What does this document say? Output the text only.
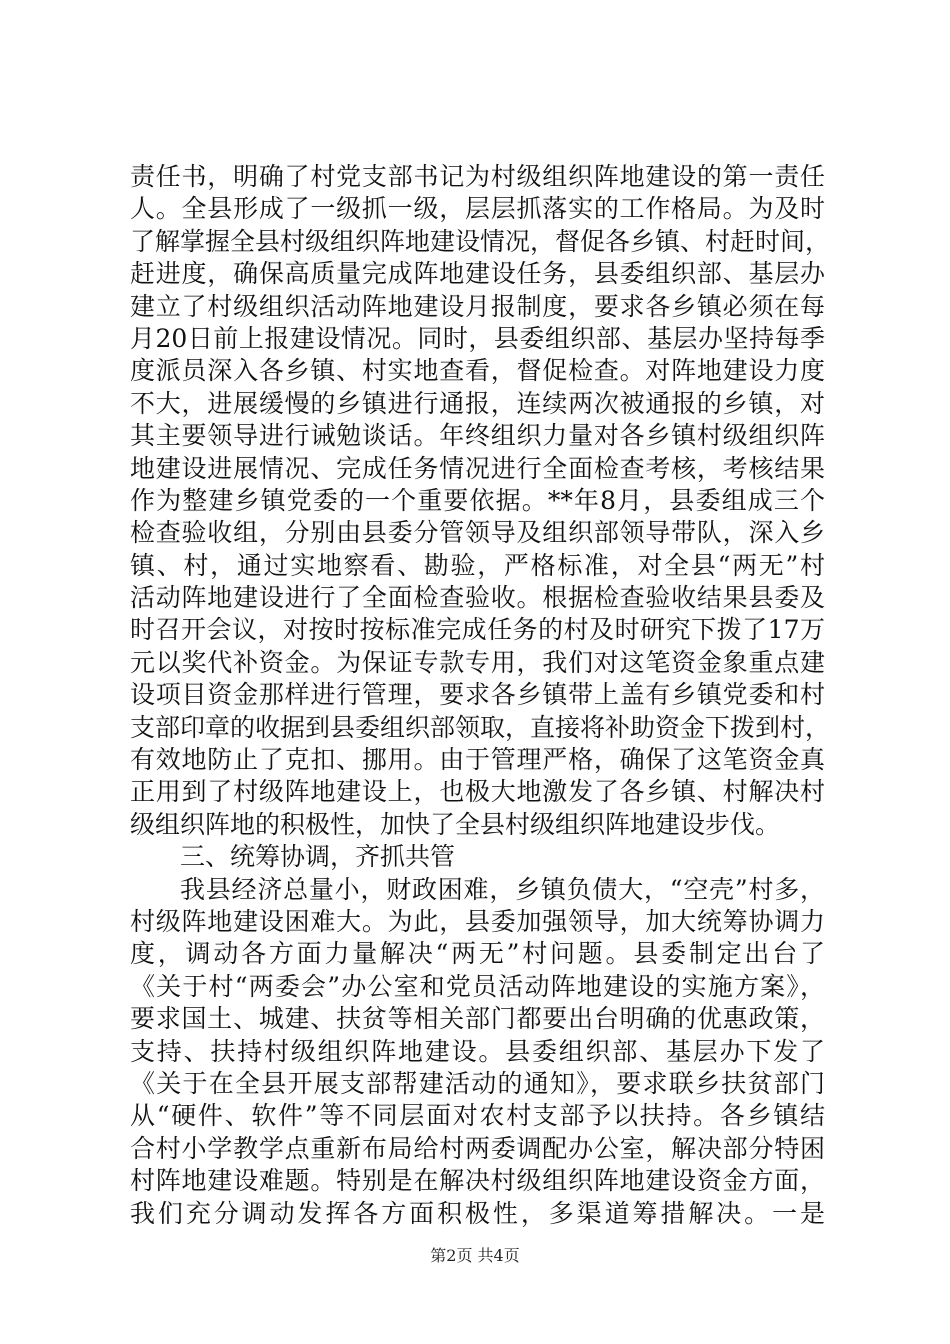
责任书，明确了村党支部书记为村级组织阵地建设的第一责任
人。全县形成了一级抓一级，层层抓落实的工作格局。为及时
了解掌握全县村级组织阵地建设情况，督促各乡镇、村赶时间，
赶进度，确保高质量完成阵地建设任务，县委组织部、基层办
建立了村级组织活动阵地建设月报制度，要求各乡镇必须在每
月20日前上报建设情况。同时，县委组织部、基层办坚持每季
度派员深入各乡镇、村实地查看，督促检查。对阵地建设力度
不大，进展缓慢的乡镇进行通报，连续两次被通报的乡镇，对
其主要领导进行诫勉谈话。年终组织力量对各乡镇村级组织阵
地建设进展情况、完成任务情况进行全面检查考核，考核结果
作为整建乡镇党委的一个重要依据。**年8月，县委组成三个
检查验收组，分别由县委分管领导及组织部领导带队，深入乡
镇、村，通过实地察看、勘验，严格标准，对全县“两无”村
活动阵地建设进行了全面检查验收。根据检查验收结果县委及
时召开会议，对按时按标准完成任务的村及时研究下拨了17万
元以奖代补资金。为保证专款专用，我们对这笔资金象重点建
设项目资金那样进行管理，要求各乡镇带上盖有乡镇党委和村
支部印章的收据到县委组织部领取，直接将补助资金下拨到村，
有效地防止了克扣、挪用。由于管理严格，确保了这笔资金真
正用到了村级阵地建设上，也极大地激发了各乡镇、村解决村
级组织阵地的积极性，加快了全县村级组织阵地建设步伐。
三、统筹协调，齐抓共管
我县经济总量小，财政困难，乡镇负债大，“空壳”村多，
村级阵地建设困难大。为此，县委加强领导，加大统筹协调力
度，调动各方面力量解决“两无”村问题。县委制定出台了
《关于村“两委会”办公室和党员活动阵地建设的实施方案》，
要求国土、城建、扶贫等相关部门都要出台明确的优惠政策，
支持、扶持村级组织阵地建设。县委组织部、基层办下发了
《关于在全县开展支部帮建活动的通知》，要求联乡扶贫部门
从“硬件、软件”等不同层面对农村支部予以扶持。各乡镇结
合村小学教学点重新布局给村两委调配办公室，解决部分特困
村阵地建设难题。特别是在解决村级组织阵地建设资金方面，
我们充分调动发挥各方面积极性，多渠道筹措解决。一是
第2页 共4页
